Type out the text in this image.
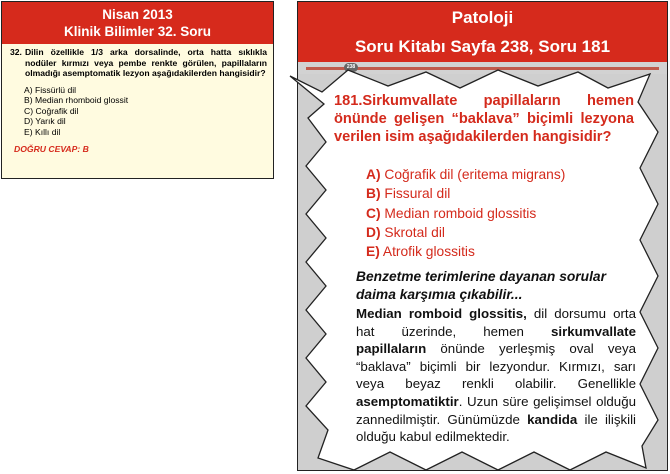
Nisan 2013
Klinik Bilimler 32. Soru
32. Dilin özellikle 1/3 arka dorsalinde, orta hatta sıklıkla nodüler kırmızı veya pembe renkte görülen, papillaların olmadığı asemptomatik lezyon aşağıdakilerden hangisidir?
A) Fissürlü dil
B) Median rhomboid glossit
C) Coğrafik dil
D) Yarık dil
E) Kıllı dil
DOĞRU CEVAP: B
Patoloji
Soru Kitabı Sayfa 238, Soru 181
238
181. Sirkumvallate papillaların hemen
önünde gelişen “baklava” biçimli lezyona verilen isim aşağıdakilerden hangisidir?
A) Coğrafik dil (eritema migrans)
B) Fissural dil
C) Median romboid glossitis
D) Skrotal dil
E) Atrofik glossitis
Benzetme terimlerine dayanan sorular daima karşımıa çıkabilir...
Median romboid glossitis, dil dorsumu orta hat üzerinde, hemen sirkumvallate papillaların önünde yerleşmiş oval veya “baklava” biçimli bir lezyondur. Kırmızı, sarı veya beyaz renkli olabilir. Genellikle asemptomatiktir. Uzun süre gelişimsel olduğu zannedilmiştir. Günümüzde kandida ile ilişkili olduğu kabul edilmektedir.
